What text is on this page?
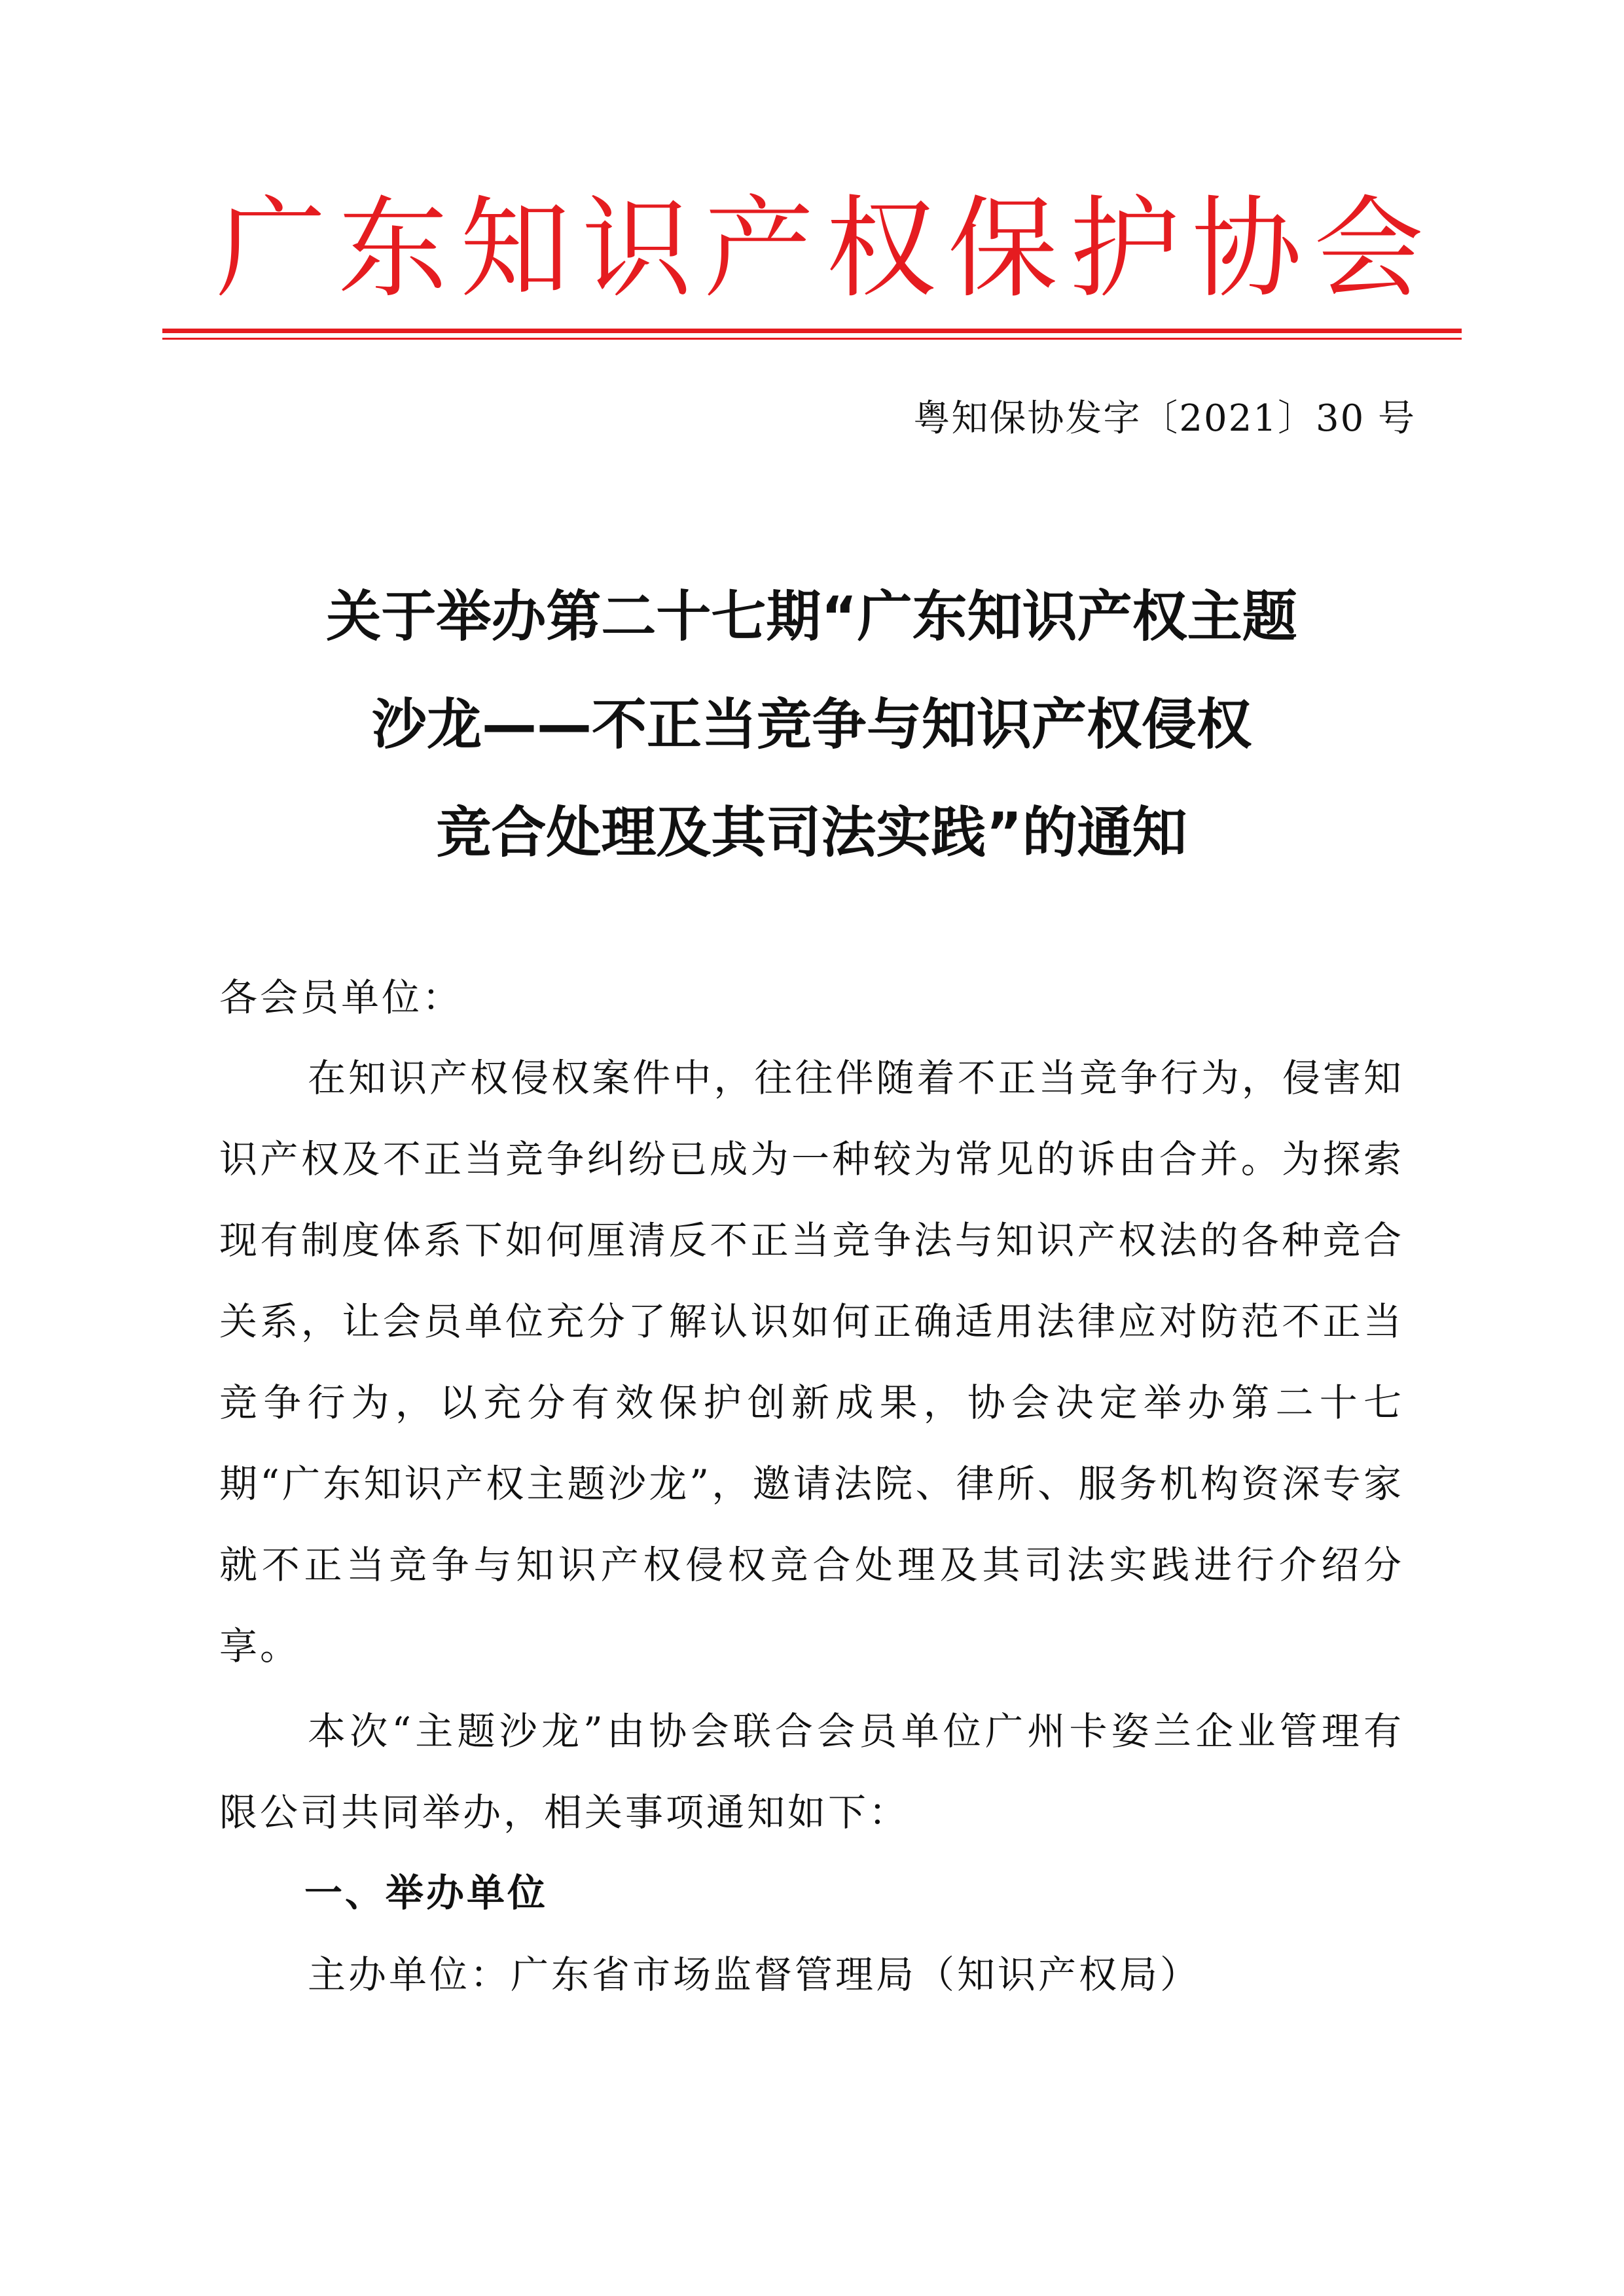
广 东 知 识 产 权 保 护 协 会
粤知保协发字〔2021〕30 号
关于举办第二十七期“广东知识产权主题
沙龙——不正当竞争与知识产权侵权
竞合处理及其司法实践”的通知
各会员单位：
在知识产权侵权案件中，往往伴随着不正当竞争行为，侵害知识产权及不正当竞争纠纷已成为一种较为常见的诉由合并。为探索现有制度体系下如何厘清反不正当竞争法与知识产权法的各种竞合关系，让会员单位充分了解认识如何正确适用法律应对防范不正当竞争行为，以充分有效保护创新成果，协会决定举办第二十七期“广东知识产权主题沙龙”，邀请法院、律所、服务机构资深专家就不正当竞争与知识产权侵权竞合处理及其司法实践进行介绍分享。
本次“主题沙龙”由协会联合会员单位广州卡姿兰企业管理有限公司共同举办，相关事项通知如下：
一、举办单位
主办单位：广东省市场监督管理局（知识产权局）
